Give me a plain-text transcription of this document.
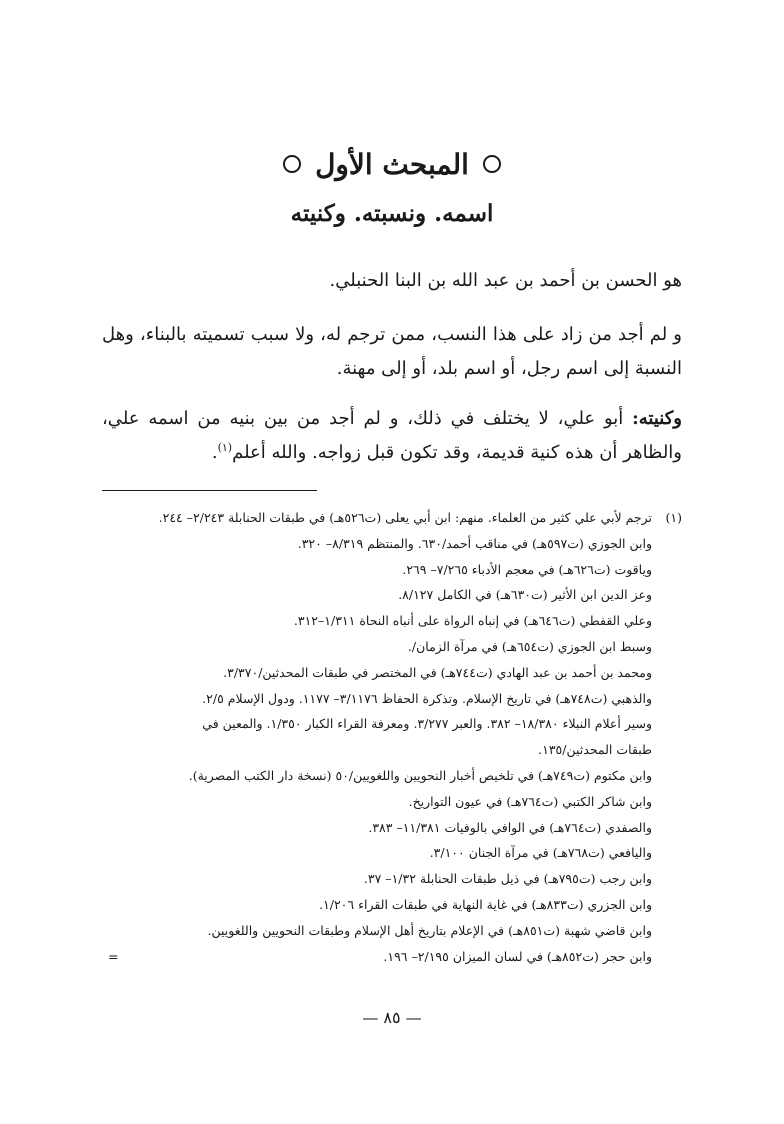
المبحث الأول
اسمه. ونسبته. وكنيته

هو الحسن بن أحمد بن عبد الله بن البنا الحنبلي.

و لم أجد من زاد على هذا النسب، ممن ترجم له، ولا سبب تسميته بالبناء، وهل النسبة إلى اسم رجل، أو اسم بلد، أو إلى مهنة.

وكنيته: أبو علي، لا يختلف في ذلك، و لم أجد من بين بنيه من اسمه علي، والظاهر أن هذه كنية قديمة، وقد تكون قبل زواجه. والله أعلم$^{(١)}$.

(١)
ترجم لأبي علي كثير من العلماء. منهم: ابن أبي يعلى (ت٥٢٦هـ) في طبقات الحنابلة ٢/٢٤٣– ٢٤٤.
وابن الجوزي (ت٥٩٧هـ) في مناقب أحمد/٦٣٠. والمنتظم ٨/٣١٩– ٣٢٠.
وياقوت (ت٦٢٦هـ) في معجم الأدباء ٧/٢٦٥– ٢٦٩.
وعز الدين ابن الأثير (ت٦٣٠هـ) في الكامل ٨/١٢٧.
وعلي القفطي (ت٦٤٦هـ) في إنباه الرواة على أنباه النحاة ١/٣١١–٣١٢.
وسبط ابن الجوزي (ت٦٥٤هـ) في مرآة الزمان/.
ومحمد بن أحمد بن عبد الهادي (ت٧٤٤هـ) في المختصر في طبقات المحدثين/٣/٣٧٠.
والذهبي (ت٧٤٨هـ) في تاريخ الإسلام. وتذكرة الحفاظ ٣/١١٧٦– ١١٧٧. ودول الإسلام ٢/٥.
وسير أعلام النبلاء ١٨/٣٨٠– ٣٨٢. والعبر ٣/٢٧٧. ومعرفة القراء الكبار ١/٣٥٠. والمعين في
طبقات المحدثين/١٣٥.
وابن مكتوم (ت٧٤٩هـ) في تلخيص أخبار النحويين واللغويين/٥٠ (نسخة دار الكتب المصرية).
وابن شاكر الكتبي (ت٧٦٤هـ) في عيون التواريخ.
والصفدي (ت٧٦٤هـ) في الوافي بالوفيات ١١/٣٨١– ٣٨٣.
واليافعي (ت٧٦٨هـ) في مرآة الجنان ٣/١٠٠.
وابن رجب (ت٧٩٥هـ) في ذيل طبقات الحنابلة ١/٣٢– ٣٧.
وابن الجزري (ت٨٣٣هـ) في غاية النهاية في طبقات القراء ١/٢٠٦.
وابن قاضي شهبة (ت٨٥١هـ) في الإعلام بتاريخ أهل الإسلام وطبقات النحويين واللغويين.
وابن حجر (ت٨٥٢هـ) في لسان الميزان ٢/١٩٥– ١٩٦.
=
— ٨٥ —
